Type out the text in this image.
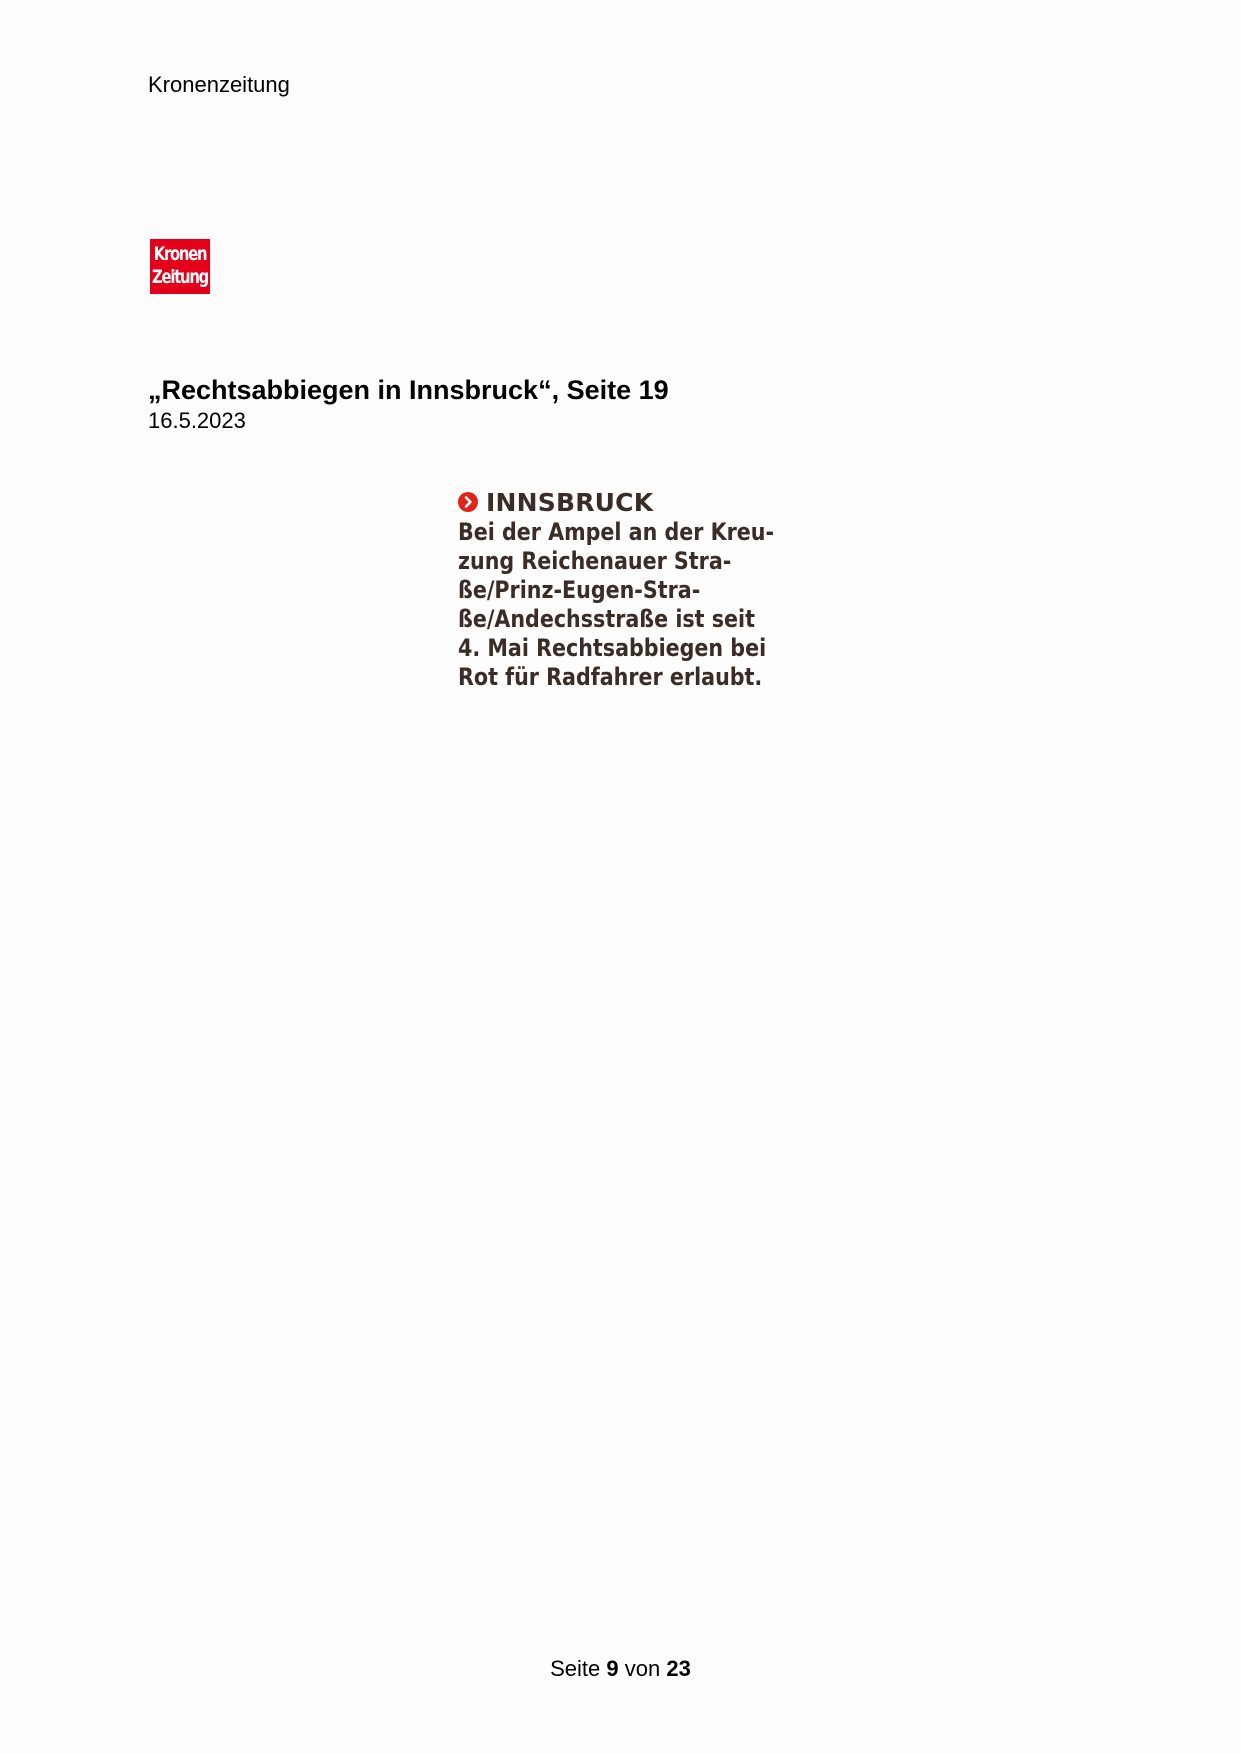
Kronenzeitung
Kronen
Zeitung
„Rechtsabbiegen in Innsbruck“, Seite 19
16.5.2023
INNSBRUCK

Bei der Ampel an der Kreu-
zung Reichenauer Stra-
ße/Prinz-Eugen-Stra-
ße/Andechsstraße ist seit
4. Mai Rechtsabbiegen bei
Rot für Radfahrer erlaubt.

Seite 9 von 23
